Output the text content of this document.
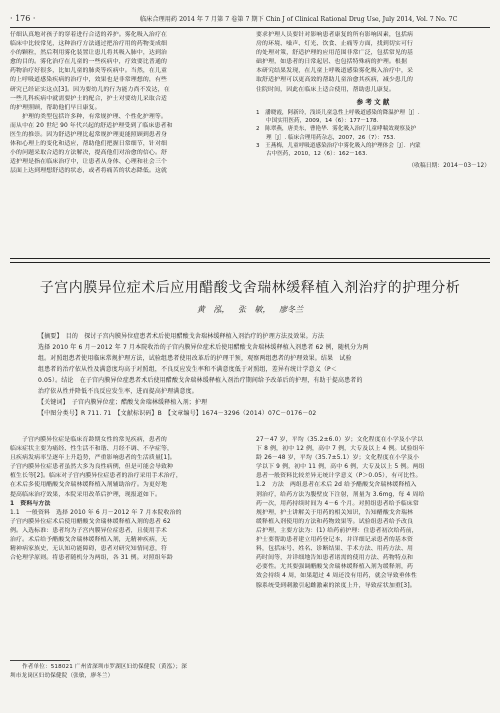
· 176 ·	临床合理用药 2014 年 7 月第 7 卷第 7 期下 Chin J of Clinical Rational Drug Use, July 2014, Vol. 7 No. 7C
仔细认真地对孩子的穿着进行合适的养护。雾化吸入治疗在
临床中比较常见，这种治疗方法通过把治疗用的药物变成细
小的颗粒，然后利用雾化装置让患儿将其吸入肺中，达到治
愈的目的。雾化治疗在儿童的一些疾病中，疗效要比普通的
药物治疗好很多，比如儿童的肺炎等疾病中。当然，在儿童
的上呼吸道感染疾病的治疗中，效果也是非常理想的，有些
研究已经证实这点[3]。因为要幼儿的行为能力尚不发达，在
一些儿科疾病中就需要护士的配合，护士对要幼儿采取合适
的护理照顾，帮助他们早日康复。
护理的类型包括许多种，有常规护理、个性化护理等。
而从中在 20 世纪 90 年代兴起的舒适护理受到了临床患者和
医生的推崇。因为舒适护理比起常规护理更能照顾到患者身
体和心理上的变化和适应，帮助他们把握日常细节，针对细
小的问题采取合适的方法解决，提高他们对治愈的信心。舒
适护理是指在临床治疗中，让患者从身体、心理和社会三个
层面上达到理想舒适的状态，或者将痛苦的状态降低。这就
要求护理人员要针对影响患者康复的所有影响因素，包括病
房的环境、噪声、灯光、饮食、止痛等方面，找到切实可行
的处理对策，舒适护理的应用范围非常广泛，包括常见的基
础护理，如患者的日常起居、也包括特殊病的护理。根据
本研究结果发现，在儿童上呼吸道感染雾化吸入治疗中，采
取舒适护理可以更高效的帮助儿童治愈其疾病，减少患儿的
住院时间，因此在临床上适合使用，帮助患儿康复。
参 考 文 献
1　潘晓霞，阿新玲，浅谈儿童急性上呼吸道感染的降温护理［J］.
中国实用医药，2009，14（6）：177－178.
2　陈翠燕，唐美东，曹艳华．雾化吸入治疗儿童哮喘效观察及护
理［J］. 临床合理用药杂志，2007，26（7）：753.
3　王燕梅，儿童呼吸道感染治疗中雾化吸入的护理体会［J］．内蒙
古中医药，2010，12（6）：162－163.
（收稿日期：2014－03－12）
子宫内膜异位症术后应用醋酸戈舍瑞林缓释植入剂治疗的护理分析
黄 泓， 张 敏， 廖冬兰
【摘要】　目的　探讨子宫内膜异位症患者术后使用醋酸戈舍瑞林缓释植入剂治疗的护理方法及效果。方法
选择 2010 年 6 月－2012 年 7 月本院收治的子宫内膜异位症术后使用醋酸戈舍瑞林缓释植入剂患者 62 例，随机分为两
组。对照组患者使用临床常规护理方法，试验组患者使用改革后的护理干预，观察两组患者的护理效果。结果　试验
组患者的治疗依从性及满意度均高于对照组，不良反应发生率和不满意度低于对照组，差异有统计学意义（P＜
0.05）。结论　在子宫内膜异位症患者术后使用醋酸戈舍瑞林缓释植入剂治疗期间给予改革后的护理，有助于提高患者的
治疗依从性并降低不良反应发生率，进而提高护理满意度。
【关键词】　子宫内膜异位症；醋酸戈舍瑞林缓释植入剂；护理
【中图分类号】R 711. 71　【文献标识码】B　【文章编号】1674－3296（2014）07C－0176－02
子宫内膜异位症是临床育龄期女性的常见疾病，患者的
临床症状主要为痛经、性生活不和谐、月经不调、不孕症等，
且疾病发病率呈逐年上升趋势，严重影响患者的生活质量[1]。
子宫内膜异位症患者虽然大多为良性病例，但是可能会导致种
植生长等[2]。临床对子宫内膜异位症患者的治疗采用手术治疗，
在术后多使用醋酸戈舍瑞林缓释植入剂辅助治疗。为更好地
提高临床治疗效果，本院采用改革后护理，现报道如下。
1　资料与方法
1.1　一般资料　选择 2010 年 6 月－2012 年 7 月本院收治的
子宫内膜异位症术后使用醋酸戈舍瑞林缓释植入剂的患者 62
例。入选标准：患者均为子宫内膜异位症患者，且使用手术
治疗。术后给予醋酸戈舍瑞林缓释植入剂，无精神疾病，无
精神病家族史，无认知功能障碍，患者对研究知情同意，符
合伦理学原则。将患者随机分为两组，各 31 例。对照组年龄
27－47 岁，平均（35.2±6.0）岁；文化程度在小学及小学以
下 8 例，初中 12 例，高中 7 例，大专及以上 4 例。试验组年
龄 26－48 岁，平均（35.7±5.1）岁；文化程度在小学及小
学以下 9 例，初中 11 例，高中 6 例，大专及以上 5 例。两组
患者一般资料比较差异无统计学意义（P＞0.05），有可比性。
1.2　方法　两组患者在术后 2d 给予醋酸戈舍瑞林缓释植入
剂治疗，给药方法为腹壁皮下注射，剂量为 3.6mg，每 4 周给
药一次，用药持续时间为 4－6 个月。对照组患者给予临床常
规护理，护士讲解关于用药的相关知识，告知醋酸戈舍瑞林
缓释植入剂使用的方法和药物效果等。试验组患者给予改良
后护理，主要方法为：(1) 给药前护理：住患者初次给药前，
护士要帮助患者建立用药登记本，并详细记录患者的基本资
料，包括床号、姓名、诊断结果、手术方法、用药方法、用
药时间等，并详细地告知患者诸需的使用方法、药物特点和
必要性。尤其要强调醋酸戈舍瑞林缓释植入剂为缓释剂，药
效会持续 4 周，如果超过 4 周还没有用药，就会导致垂体性
腺系统受到刺激引起雌激素的浓度上升，导致症状加重[3]。
作者单位：518021 广州省深圳市罗湖区妇幼保健院（黄泓）；深
圳市龙岗区妇幼保健院（张敏，廖冬兰）
